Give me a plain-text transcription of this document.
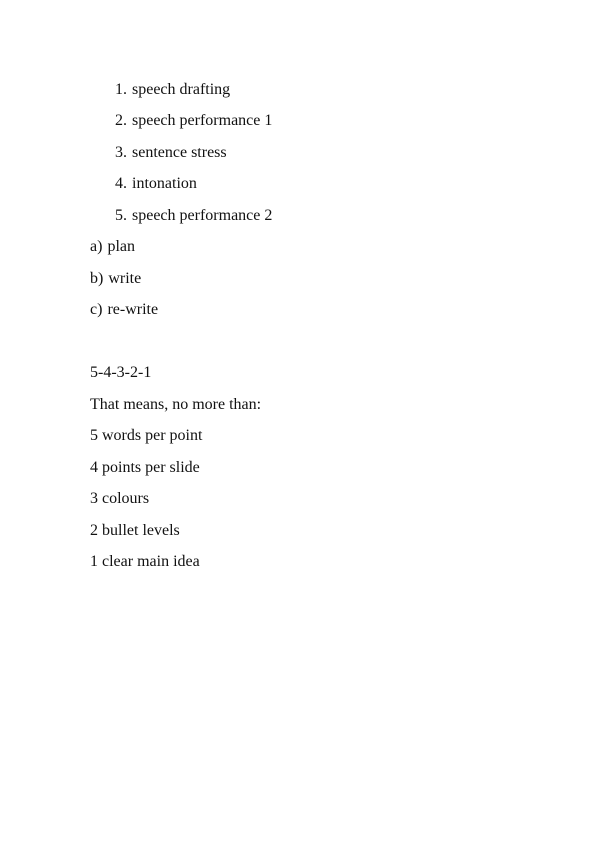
1. speech drafting
2. speech performance 1
3. sentence stress
4. intonation
5. speech performance 2
a) plan
b) write
c) re-write
5-4-3-2-1
That means, no more than:
5 words per point
4 points per slide
3 colours
2 bullet levels
1 clear main idea
